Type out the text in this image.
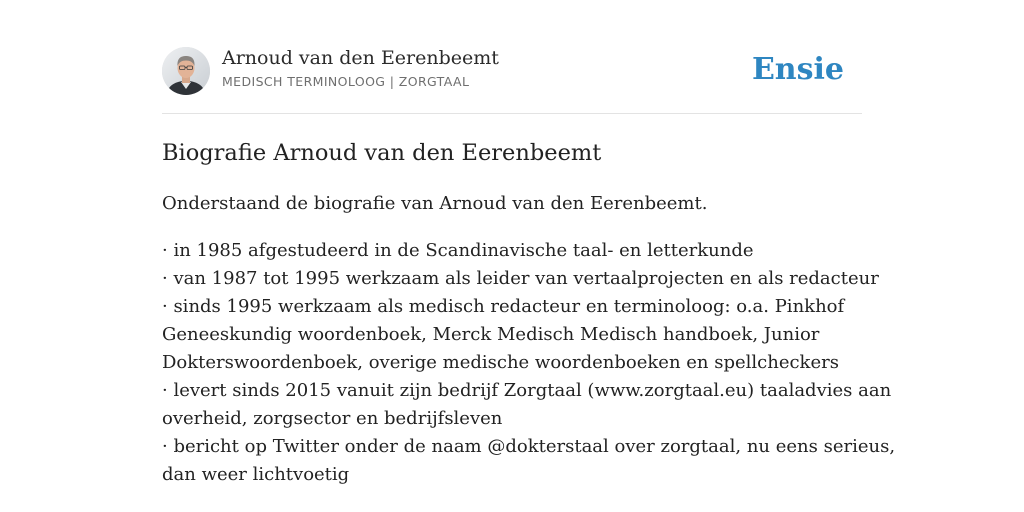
Arnoud van den Eerenbeemt
MEDISCH TERMINOLOOG | ZORGTAAL	Ensie
Biografie Arnoud van den Eerenbeemt

Onderstaand de biografie van Arnoud van den Eerenbeemt.

· in 1985 afgestudeerd in de Scandinavische taal- en letterkunde
· van 1987 tot 1995 werkzaam als leider van vertaalprojecten en als redacteur
· sinds 1995 werkzaam als medisch redacteur en terminoloog: o.a. Pinkhof
Geneeskundig woordenboek, Merck Medisch Medisch handboek, Junior
Dokterswoordenboek, overige medische woordenboeken en spellcheckers
· levert sinds 2015 vanuit zijn bedrijf Zorgtaal (www.zorgtaal.eu) taaladvies aan
overheid, zorgsector en bedrijfsleven
· bericht op Twitter onder de naam @dokterstaal over zorgtaal, nu eens serieus,
dan weer lichtvoetig
